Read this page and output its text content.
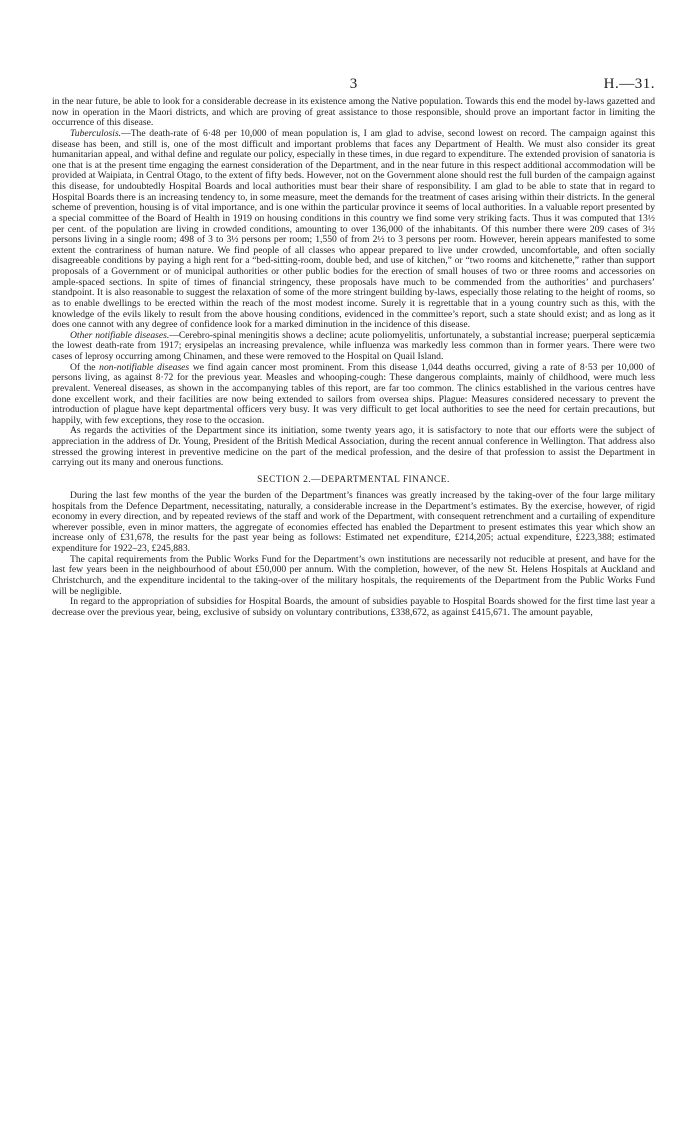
3	H.—31.

in the near future, be able to look for a considerable decrease in its existence among the Native population. Towards this end the model by-laws gazetted and now in operation in the Maori districts, and which are proving of great assistance to those responsible, should prove an important factor in limiting the occurrence of this disease.

Tuberculosis.—The death-rate of 6·48 per 10,000 of mean population is, I am glad to advise, second lowest on record. The campaign against this disease has been, and still is, one of the most difficult and important problems that faces any Department of Health. We must also consider its great humanitarian appeal, and withal define and regulate our policy, especially in these times, in due regard to expenditure. The extended provision of sanatoria is one that is at the present time engaging the earnest consideration of the Department, and in the near future in this respect additional accommodation will be provided at Waipiata, in Central Otago, to the extent of fifty beds. However, not on the Government alone should rest the full burden of the campaign against this disease, for undoubtedly Hospital Boards and local authorities must bear their share of responsibility. I am glad to be able to state that in regard to Hospital Boards there is an increasing tendency to, in some measure, meet the demands for the treatment of cases arising within their districts. In the general scheme of prevention, housing is of vital importance, and is one within the particular province it seems of local authorities. In a valuable report presented by a special committee of the Board of Health in 1919 on housing conditions in this country we find some very striking facts. Thus it was computed that 13½ per cent. of the population are living in crowded conditions, amounting to over 136,000 of the inhabitants. Of this number there were 209 cases of 3½ persons living in a single room; 498 of 3 to 3½ persons per room; 1,550 of from 2½ to 3 persons per room. However, herein appears manifested to some extent the contrariness of human nature. We find people of all classes who appear prepared to live under crowded, uncomfortable, and often socially disagreeable conditions by paying a high rent for a “bed-sitting-room, double bed, and use of kitchen,” or “two rooms and kitchenette,” rather than support proposals of a Government or of municipal authorities or other public bodies for the erection of small houses of two or three rooms and accessories on ample-spaced sections. In spite of times of financial stringency, these proposals have much to be commended from the authorities’ and purchasers’ standpoint. It is also reasonable to suggest the relaxation of some of the more stringent building by-laws, especially those relating to the height of rooms, so as to enable dwellings to be erected within the reach of the most modest income. Surely it is regrettable that in a young country such as this, with the knowledge of the evils likely to result from the above housing conditions, evidenced in the committee’s report, such a state should exist; and as long as it does one cannot with any degree of confidence look for a marked diminution in the incidence of this disease.

Other notifiable diseases.—Cerebro-spinal meningitis shows a decline; acute poliomyelitis, unfortunately, a substantial increase; puerperal septicæmia the lowest death-rate from 1917; erysipelas an increasing prevalence, while influenza was markedly less common than in former years. There were two cases of leprosy occurring among Chinamen, and these were removed to the Hospital on Quail Island.

Of the non-notifiable diseases we find again cancer most prominent. From this disease 1,044 deaths occurred, giving a rate of 8·53 per 10,000 of persons living, as against 8·72 for the previous year. Measles and whooping-cough: These dangerous complaints, mainly of childhood, were much less prevalent. Venereal diseases, as shown in the accompanying tables of this report, are far too common. The clinics established in the various centres have done excellent work, and their facilities are now being extended to sailors from oversea ships. Plague: Measures considered necessary to prevent the introduction of plague have kept departmental officers very busy. It was very difficult to get local authorities to see the need for certain precautions, but happily, with few exceptions, they rose to the occasion.

As regards the activities of the Department since its initiation, some twenty years ago, it is satisfactory to note that our efforts were the subject of appreciation in the address of Dr. Young, President of the British Medical Association, during the recent annual conference in Wellington. That address also stressed the growing interest in preventive medicine on the part of the medical profession, and the desire of that profession to assist the Department in carrying out its many and onerous functions.

SECTION 2.—DEPARTMENTAL FINANCE.

During the last few months of the year the burden of the Department’s finances was greatly increased by the taking-over of the four large military hospitals from the Defence Department, necessitating, naturally, a considerable increase in the Department’s estimates. By the exercise, however, of rigid economy in every direction, and by repeated reviews of the staff and work of the Department, with consequent retrenchment and a curtailing of expenditure wherever possible, even in minor matters, the aggregate of economies effected has enabled the Department to present estimates this year which show an increase only of £31,678, the results for the past year being as follows: Estimated net expenditure, £214,205; actual expenditure, £223,388; estimated expenditure for 1922–23, £245,883.

The capital requirements from the Public Works Fund for the Department’s own institutions are necessarily not reducible at present, and have for the last few years been in the neighbourhood of about £50,000 per annum. With the completion, however, of the new St. Helens Hospitals at Auckland and Christchurch, and the expenditure incidental to the taking-over of the military hospitals, the requirements of the Department from the Public Works Fund will be negligible.

In regard to the appropriation of subsidies for Hospital Boards, the amount of subsidies payable to Hospital Boards showed for the first time last year a decrease over the previous year, being, exclusive of subsidy on voluntary contributions, £338,672, as against £415,671. The amount payable,
